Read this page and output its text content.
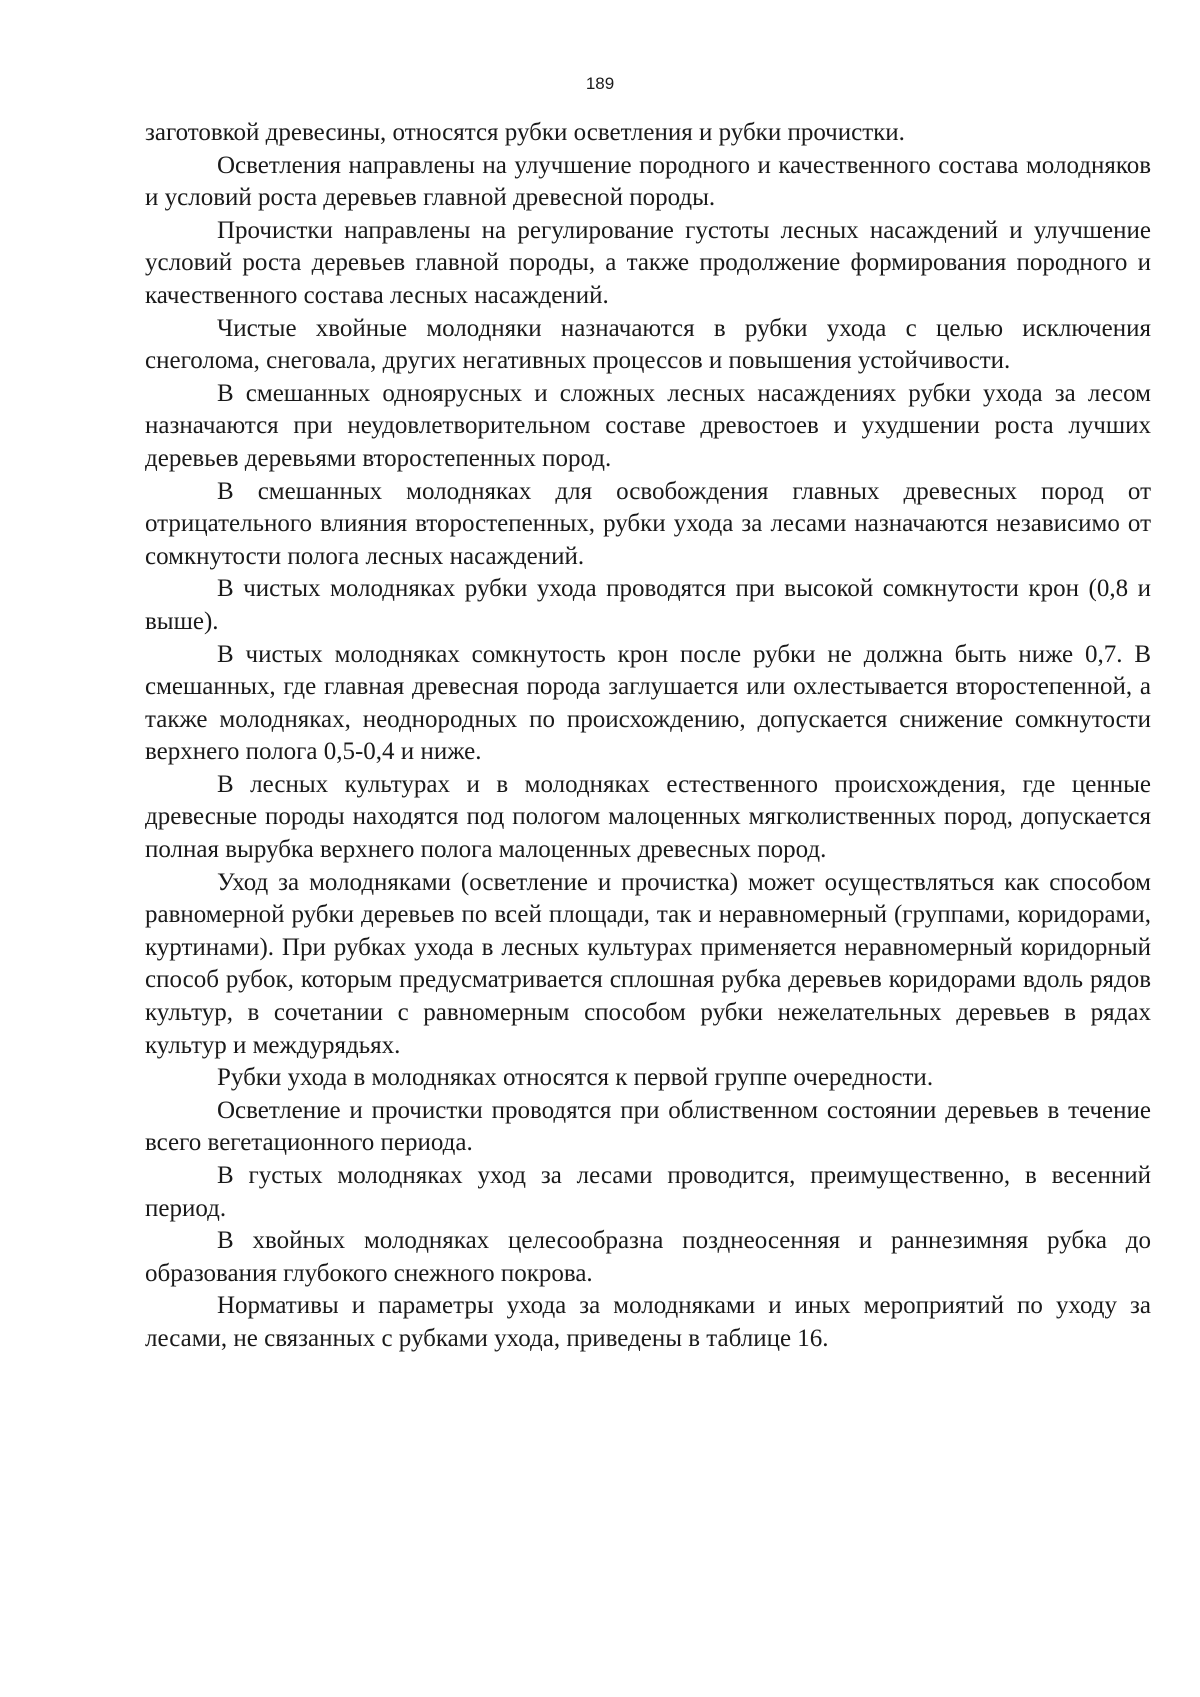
189

заготовкой древесины, относятся рубки осветления и рубки прочистки.

Осветления направлены на улучшение породного и качественного состава молодняков и условий роста деревьев главной древесной породы.

Прочистки направлены на регулирование густоты лесных насаждений и улучшение условий роста деревьев главной породы, а также продолжение формирования породного и качественного состава лесных насаждений.

Чистые хвойные молодняки назначаются в рубки ухода с целью исключения снеголома, снеговала, других негативных процессов и повышения устойчивости.

В смешанных одноярусных и сложных лесных насаждениях рубки ухода за лесом назначаются при неудовлетворительном составе древостоев и ухудшении роста лучших деревьев деревьями второстепенных пород.

В смешанных молодняках для освобождения главных древесных пород от отрицательного влияния второстепенных, рубки ухода за лесами назначаются независимо от сомкнутости полога лесных насаждений.

В чистых молодняках рубки ухода проводятся при высокой сомкнутости крон (0,8 и выше).

В чистых молодняках сомкнутость крон после рубки не должна быть ниже 0,7. В смешанных, где главная древесная порода заглушается или охлестывается второстепенной, а также молодняках, неоднородных по происхождению, допускается снижение сомкнутости верхнего полога 0,5-0,4 и ниже.

В лесных культурах и в молодняках естественного происхождения, где ценные древесные породы находятся под пологом малоценных мягколиственных пород, допускается полная вырубка верхнего полога малоценных древесных пород.

Уход за молодняками (осветление и прочистка) может осуществляться как способом равномерной рубки деревьев по всей площади, так и неравномерный (группами, коридорами, куртинами). При рубках ухода в лесных культурах применяется неравномерный коридорный способ рубок, которым предусматривается сплошная рубка деревьев коридорами вдоль рядов культур, в сочетании с равномерным способом рубки нежелательных деревьев в рядах культур и междурядьях.

Рубки ухода в молодняках относятся к первой группе очередности.

Осветление и прочистки проводятся при облиственном состоянии деревьев в течение всего вегетационного периода.

В густых молодняках уход за лесами проводится, преимущественно, в весенний период.

В хвойных молодняках целесообразна позднеосенняя и раннезимняя рубка до образования глубокого снежного покрова.

Нормативы и параметры ухода за молодняками и иных мероприятий по уходу за лесами, не связанных с рубками ухода, приведены в таблице 16.
